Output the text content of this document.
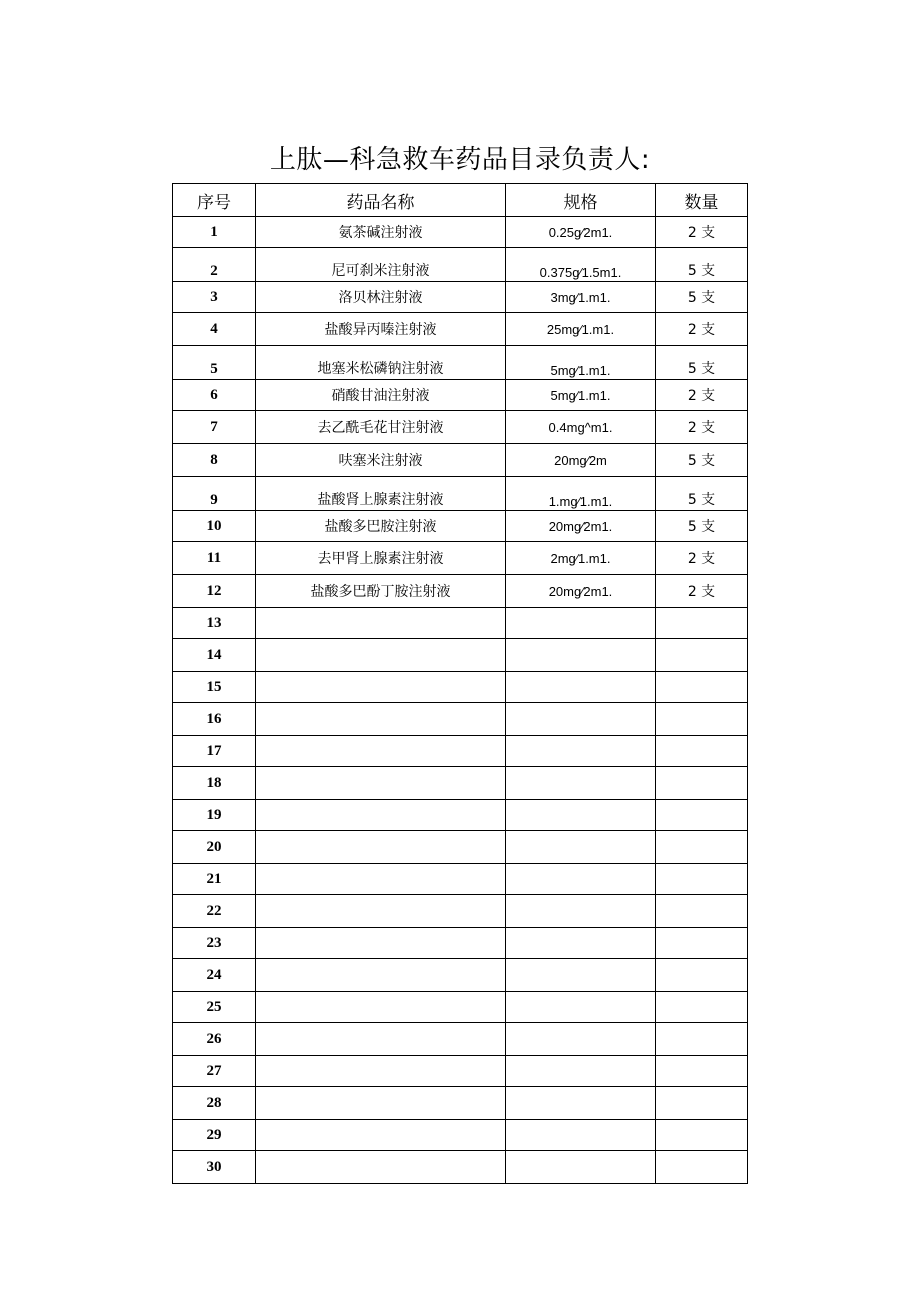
上肽—科急救车药品目录负责人:
序号	药品名称	规格	数量
1	氨茶碱注射液	0.25g∕2m1.	2 支
2	尼可刹米注射液	0.375g∕1.5m1.	5 支
3	洛贝林注射液	3mg∕1.m1.	5 支
4	盐酸异丙嗪注射液	25mg∕1.m1.	2 支
5	地塞米松磷钠注射液	5mg∕1.m1.	5 支
6	硝酸甘油注射液	5mg∕1.m1.	2 支
7	去乙酰毛花甘注射液	0.4mg^m1.	2 支
8	呋塞米注射液	20mg∕2m	5 支
9	盐酸肾上腺素注射液	1.mg∕1.m1.	5 支
10	盐酸多巴胺注射液	20mg∕2m1.	5 支
11	去甲肾上腺素注射液	2mg∕1.m1.	2 支
12	盐酸多巴酚丁胺注射液	20mg∕2m1.	2 支
13			
14			
15			
16			
17			
18			
19			
20			
21			
22			
23			
24			
25			
26			
27			
28			
29			
30			
